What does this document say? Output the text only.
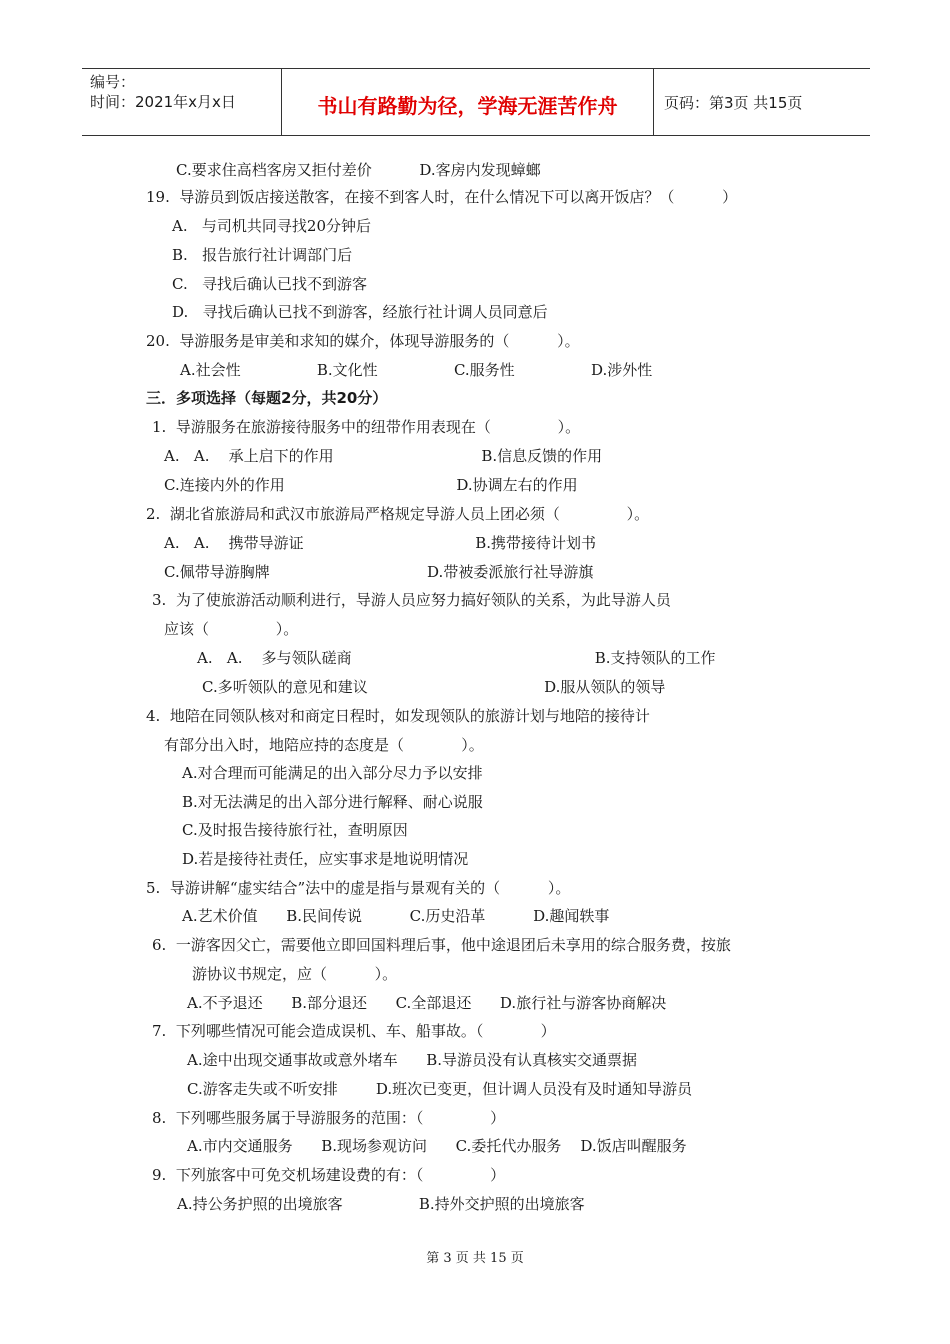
编号：
时间：2021年x月x日	书山有路勤为径，学海无涯苦作舟	页码：第3页 共15页
C.要求住高档客房又拒付差价          D.客房内发现蟑螂
19.  导游员到饭店接送散客，在接不到客人时，在什么情况下可以离开饭店？（          ）
A.   与司机共同寻找20分钟后
B.   报告旅行社计调部门后
C.   寻找后确认已找不到游客
D.   寻找后确认已找不到游客，经旅行社计调人员同意后
20.  导游服务是审美和求知的媒介，体现导游服务的（          ）。
A.社会性                B.文化性                C.服务性                D.涉外性
三．多项选择（每题2分，共20分）
1.  导游服务在旅游接待服务中的纽带作用表现在（              ）。
A.   A.    承上启下的作用                               B.信息反馈的作用
C.连接内外的作用                                    D.协调左右的作用
2.  湖北省旅游局和武汉市旅游局严格规定导游人员上团必须（              ）。
A.   A.    携带导游证                                    B.携带接待计划书
C.佩带导游胸牌                                 D.带被委派旅行社导游旗
3.  为了使旅游活动顺利进行，导游人员应努力搞好领队的关系，为此导游人员
应该（              ）。
A.   A.    多与领队磋商                                                   B.支持领队的工作
C.多听领队的意见和建议                                     D.服从领队的领导
4.  地陪在同领队核对和商定日程时，如发现领队的旅游计划与地陪的接待计
有部分出入时，地陪应持的态度是（            ）。
A.对合理而可能满足的出入部分尽力予以安排
B.对无法满足的出入部分进行解释、耐心说服
C.及时报告接待旅行社，查明原因
D.若是接待社责任，应实事求是地说明情况
5.  导游讲解“虚实结合”法中的虚是指与景观有关的（          ）。
A.艺术价值      B.民间传说          C.历史沿革          D.趣闻轶事
6.  一游客因父亡，需要他立即回国料理后事，他中途退团后未享用的综合服务费，按旅
游协议书规定，应（          ）。
A.不予退还      B.部分退还      C.全部退还      D.旅行社与游客协商解决
7.  下列哪些情况可能会造成误机、车、船事故。（            ）
A.途中出现交通事故或意外堵车      B.导游员没有认真核实交通票据
C.游客走失或不听安排        D.班次已变更，但计调人员没有及时通知导游员
8.  下列哪些服务属于导游服务的范围：（              ）
A.市内交通服务      B.现场参观访问      C.委托代办服务    D.饭店叫醒服务
9.  下列旅客中可免交机场建设费的有：（              ）
A.持公务护照的出境旅客                B.持外交护照的出境旅客
第 3 页 共 15 页
